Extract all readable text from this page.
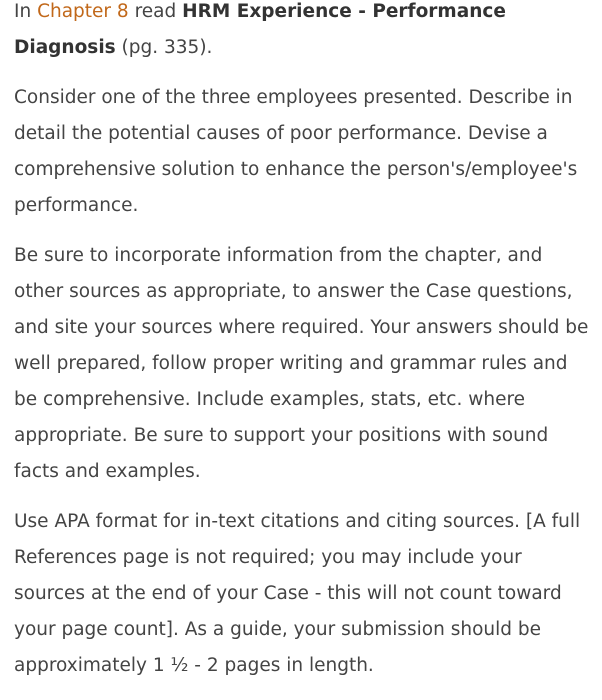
In Chapter 8 read HRM Experience - Performance
Diagnosis (pg. 335).

Consider one of the three employees presented. Describe in detail the potential causes of poor performance. Devise a comprehensive solution to enhance the person's/employee's performance.

Be sure to incorporate information from the chapter, and other sources as appropriate, to answer the Case questions, and site your sources where required. Your answers should be well prepared, follow proper writing and grammar rules and be comprehensive. Include examples, stats, etc. where appropriate. Be sure to support your positions with sound facts and examples.

Use APA format for in-text citations and citing sources. [A full References page is not required; you may include your sources at the end of your Case - this will not count toward your page count]. As a guide, your submission should be approximately 1 ½ - 2 pages in length.
